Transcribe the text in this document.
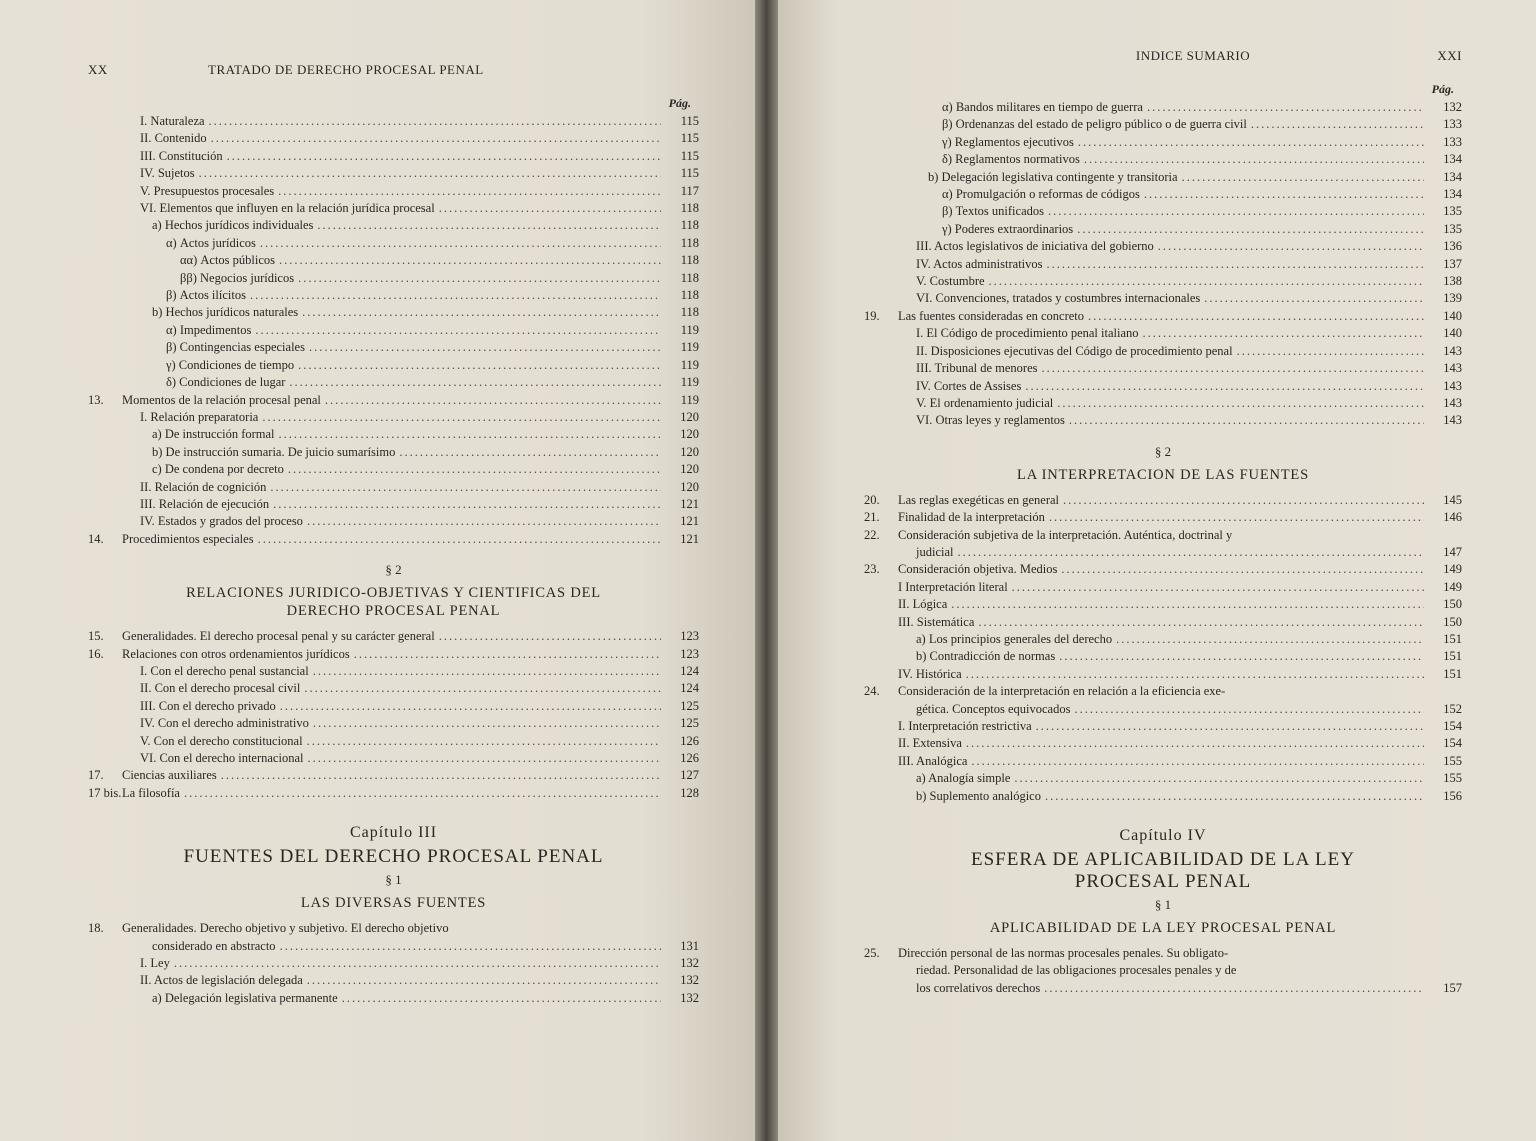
XX	TRATADO DE DERECHO PROCESAL PENAL
Pág.
I. Naturaleza .....	115
II. Contenido .....	115
III. Constitución .....	115
IV. Sujetos .....	115
V. Presupuestos procesales .....	117
VI. Elementos que influyen en la relación jurídica procesal .....	118
a) Hechos jurídicos individuales .....	118
α) Actos jurídicos .....	118
αα) Actos públicos .....	118
ββ) Negocios jurídicos .....	118
β) Actos ilícitos .....	118
b) Hechos jurídicos naturales .....	118
α) Impedimentos .....	119
β) Contingencias especiales .....	119
γ) Condiciones de tiempo .....	119
δ) Condiciones de lugar .....	119
13.	Momentos de la relación procesal penal .....	119
I. Relación preparatoria .....	120
a) De instrucción formal .....	120
b) De instrucción sumaria. De juicio sumarísimo .....	120
c) De condena por decreto .....	120
II. Relación de cognición .....	120
III. Relación de ejecución .....	121
IV. Estados y grados del proceso .....	121
14.	Procedimientos especiales .....	121
§ 2
RELACIONES JURIDICO-OBJETIVAS Y CIENTIFICAS DEL
DERECHO PROCESAL PENAL
15.	Generalidades. El derecho procesal penal y su carácter general .....	123
16.	Relaciones con otros ordenamientos jurídicos .....	123
I. Con el derecho penal sustancial .....	124
II. Con el derecho procesal civil .....	124
III. Con el derecho privado .....	125
IV. Con el derecho administrativo .....	125
V. Con el derecho constitucional .....	126
VI. Con el derecho internacional .....	126
17.	Ciencias auxiliares .....	127
17 bis. La filosofía .....	128
Capítulo III
FUENTES DEL DERECHO PROCESAL PENAL
§ 1
LAS DIVERSAS FUENTES
18.	Generalidades. Derecho objetivo y subjetivo. El derecho objetivo
considerado en abstracto .....	131
I. Ley .....	132
II. Actos de legislación delegada .....	132
a) Delegación legislativa permanente .....	132
INDICE SUMARIO	XXI
Pág.
α) Bandos militares en tiempo de guerra .....	132
β) Ordenanzas del estado de peligro público o de guerra civil .....	133
γ) Reglamentos ejecutivos .....	133
δ) Reglamentos normativos .....	134
b) Delegación legislativa contingente y transitoria .....	134
α) Promulgación o reformas de códigos .....	134
β) Textos unificados .....	135
γ) Poderes extraordinarios .....	135
III. Actos legislativos de iniciativa del gobierno .....	136
IV. Actos administrativos .....	137
V. Costumbre .....	138
VI. Convenciones, tratados y costumbres internacionales .....	139
19.	Las fuentes consideradas en concreto .....	140
I. El Código de procedimiento penal italiano .....	140
II. Disposiciones ejecutivas del Código de procedimiento penal .....	143
III. Tribunal de menores .....	143
IV. Cortes de Assises .....	143
V. El ordenamiento judicial .....	143
VI. Otras leyes y reglamentos .....	143
§ 2
LA INTERPRETACION DE LAS FUENTES
20.	Las reglas exegéticas en general .....	145
21.	Finalidad de la interpretación .....	146
22.	Consideración subjetiva de la interpretación. Auténtica, doctrinal y
judicial .....	147
23.	Consideración objetiva. Medios .....	149
I Interpretación literal .....	149
II. Lógica .....	150
III. Sistemática .....	150
a) Los principios generales del derecho .....	151
b) Contradicción de normas .....	151
IV. Histórica .....	151
24.	Consideración de la interpretación en relación a la eficiencia exe-
gética. Conceptos equivocados .....	152
I. Interpretación restrictiva .....	154
II. Extensiva .....	154
III. Analógica .....	155
a) Analogía simple .....	155
b) Suplemento analógico .....	156
Capítulo IV
ESFERA DE APLICABILIDAD DE LA LEY
PROCESAL PENAL
§ 1
APLICABILIDAD DE LA LEY PROCESAL PENAL
25.	Dirección personal de las normas procesales penales. Su obligato-
riedad. Personalidad de las obligaciones procesales penales y de
los correlativos derechos .....	157
